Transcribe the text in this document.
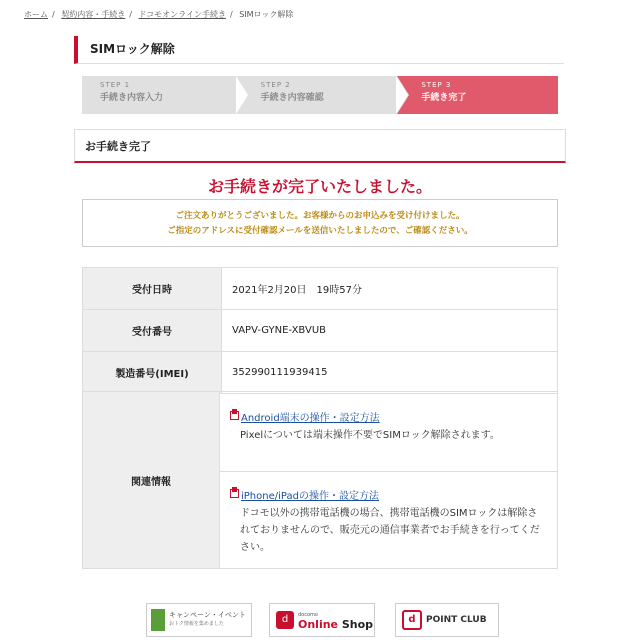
ホーム / 契約内容・手続き / ドコモオンライン手続き / SIMロック解除
SIMロック解除
STEP 1
手続き内容入力
STEP 2
手続き内容確認
STEP 3
手続き完了
お手続き完了
お手続きが完了いたしました。
ご注文ありがとうございました。お客様からのお申込みを受け付けました。
ご指定のアドレスに受付確認メールを送信いたしましたので、ご確認ください。
受付日時	2021年2月20日　19時57分
受付番号	VAPV-GYNE-XBVUB
製造番号(IMEI)	352990111939415
関連情報
Android端末の操作・設定方法
Pixelについては端末操作不要でSIMロック解除されます。
iPhone/iPadの操作・設定方法
ドコモ以外の携帯電話機の場合、携帯電話機のSIMロックは解除されておりませんので、販売元の通信事業者でお手続きを行ってください。
キャンペーン・イベント
おトク情報を集めました	d	docomo
Online Shop	d	POINT CLUB
